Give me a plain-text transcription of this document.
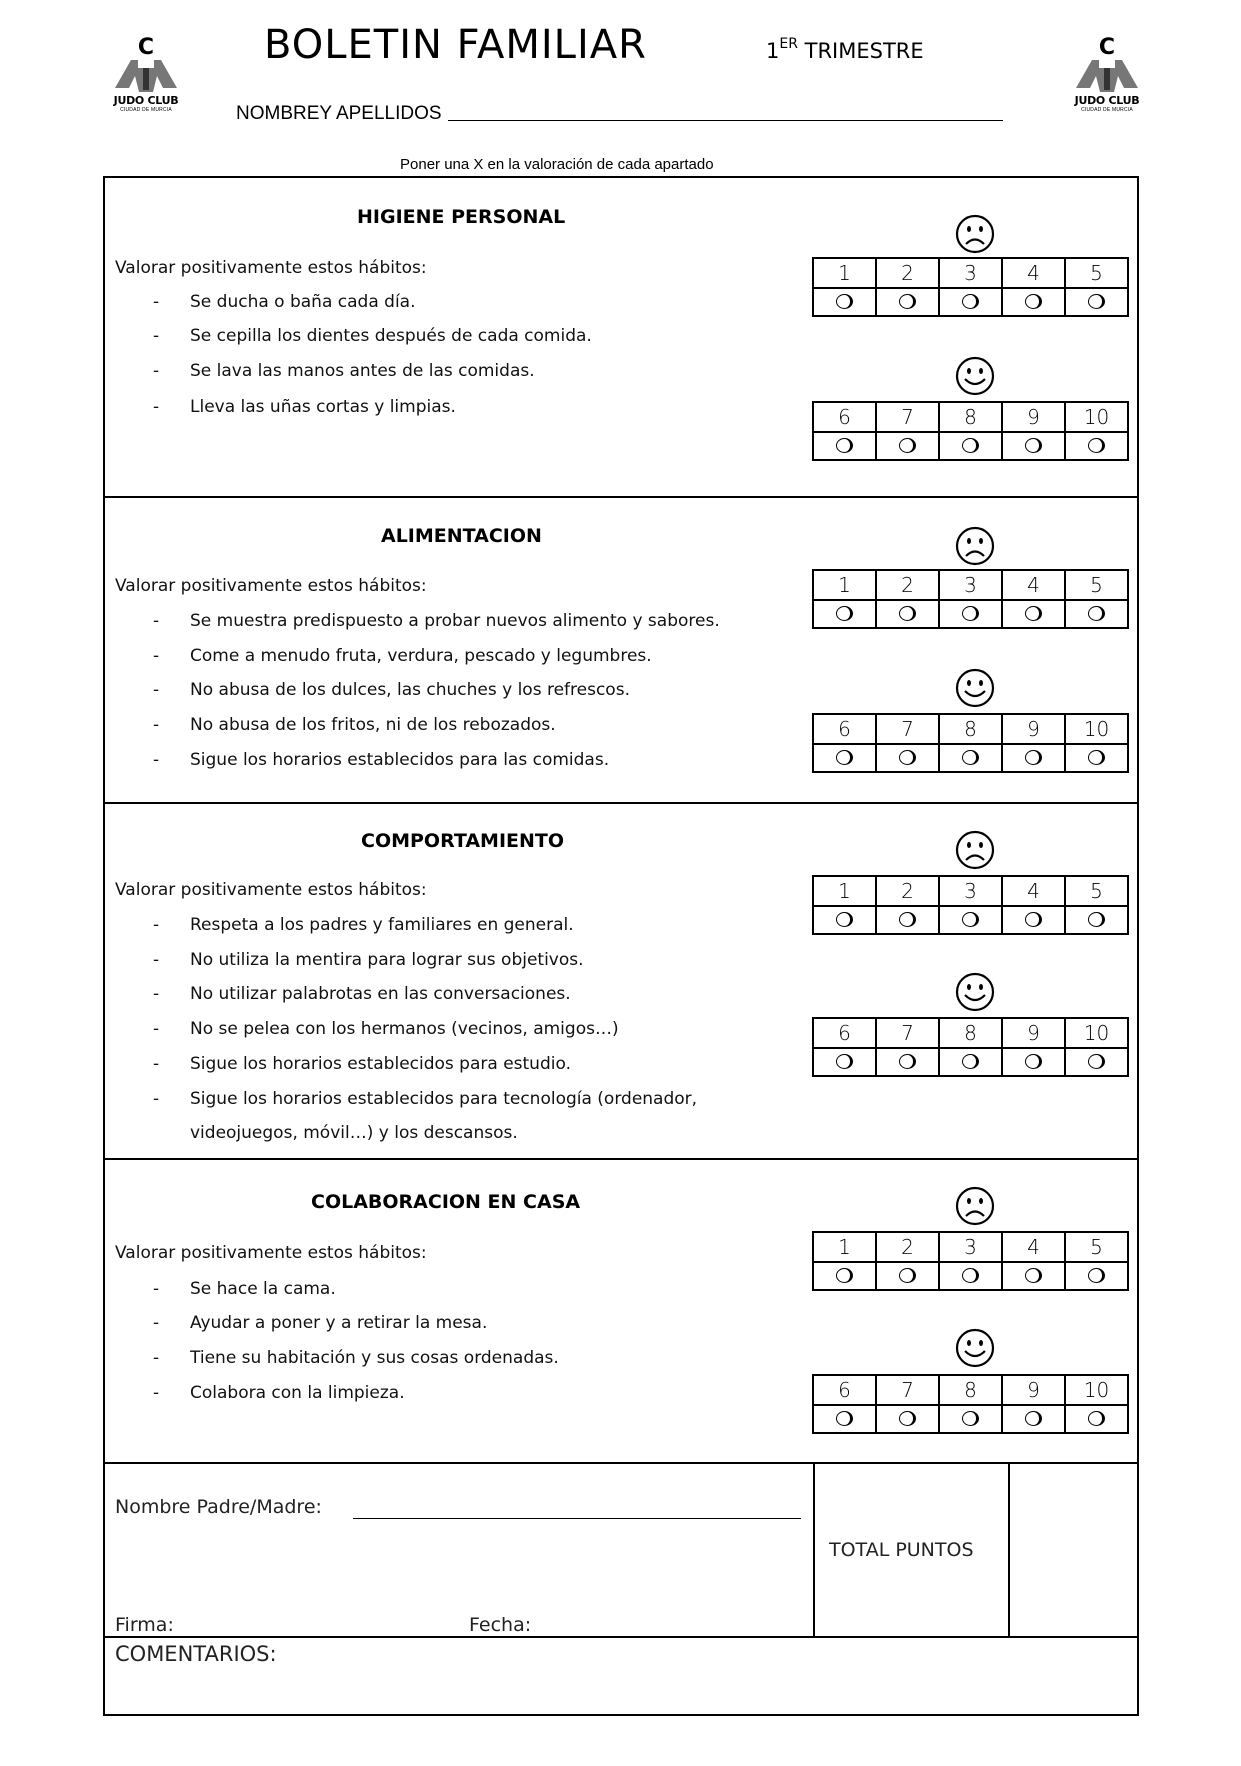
C
JUDO CLUB
CIUDAD DE MURCIA
C
JUDO CLUB
CIUDAD DE MURCIA
BOLETIN FAMILIAR	1ER TRIMESTRE
NOMBREY APELLIDOS
Poner una X en la valoración de cada apartado
HIGIENE PERSONAL
Valorar positivamente estos hábitos:
- Se ducha o baña cada día.
- Se cepilla los dientes después de cada comida.
- Se lava las manos antes de las comidas.
- Lleva las uñas cortas y limpias.
ALIMENTACION
Valorar positivamente estos hábitos:
- Se muestra predispuesto a probar nuevos alimento y sabores.
- Come a menudo fruta, verdura, pescado y legumbres.
- No abusa de los dulces, las chuches y los refrescos.
- No abusa de los fritos, ni de los rebozados.
- Sigue los horarios establecidos para las comidas.
COMPORTAMIENTO
Valorar positivamente estos hábitos:
- Respeta a los padres y familiares en general.
- No utiliza la mentira para lograr sus objetivos.
- No utilizar palabrotas en las conversaciones.
- No se pelea con los hermanos (vecinos, amigos…)
- Sigue los horarios establecidos para estudio.
- Sigue los horarios establecidos para tecnología (ordenador,
videojuegos, móvil…) y los descansos.
COLABORACION EN CASA
Valorar positivamente estos hábitos:
- Se hace la cama.
- Ayudar a poner y a retirar la mesa.
- Tiene su habitación y sus cosas ordenadas.
- Colabora con la limpieza.
1	2	3	4	5

6	7	8	9	10

1	2	3	4	5

6	7	8	9	10

1	2	3	4	5

6	7	8	9	10

1	2	3	4	5

6	7	8	9	10

Nombre Padre/Madre:
TOTAL PUNTOS
Firma:	Fecha:
COMENTARIOS:
